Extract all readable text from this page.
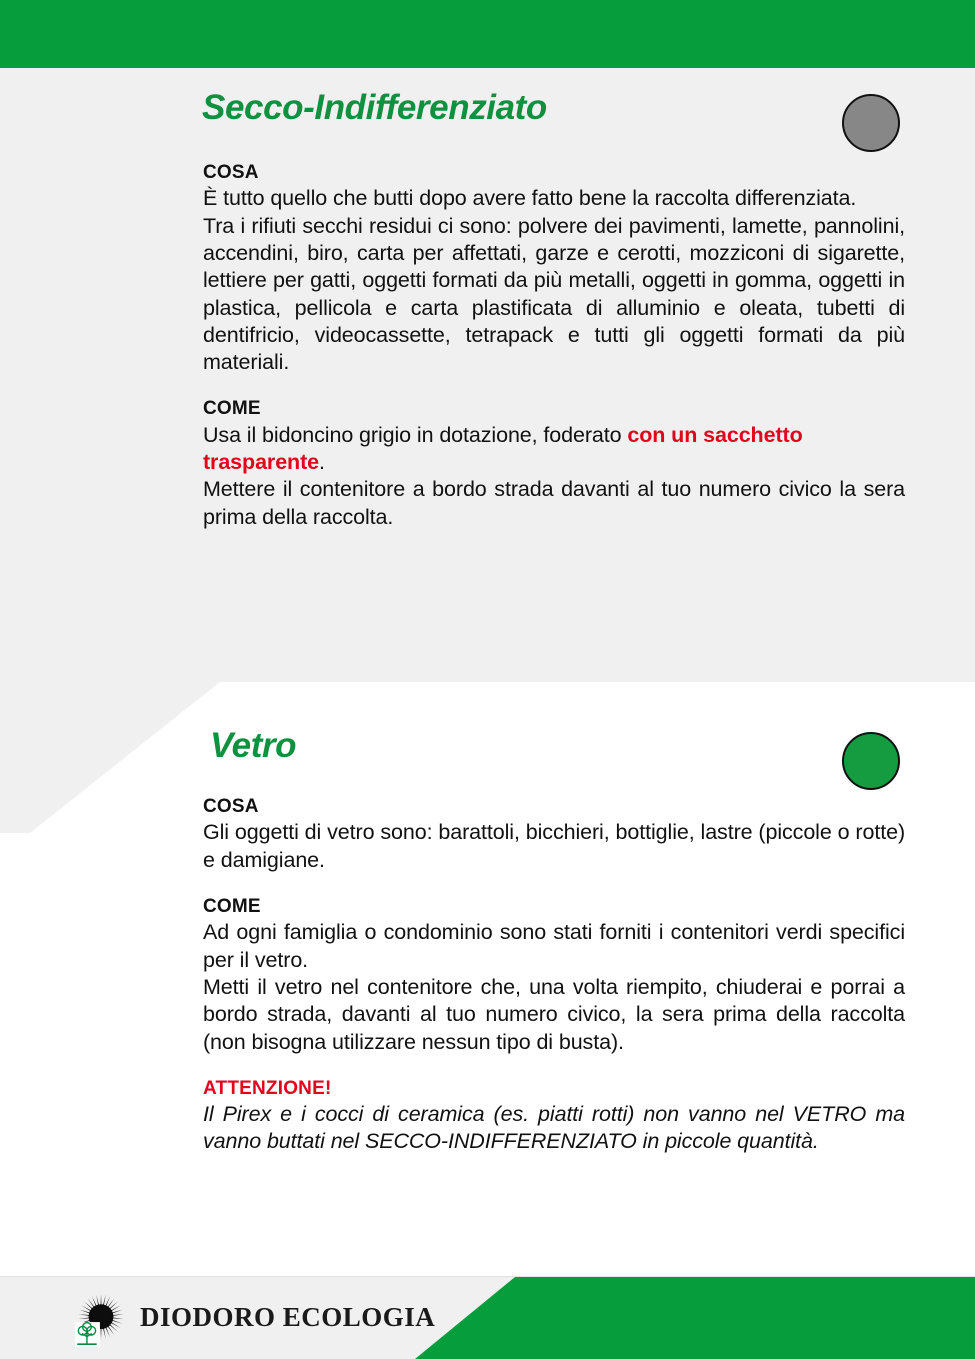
Secco-Indifferenziato
COSA

È tutto quello che butti dopo avere fatto bene la raccolta differenziata.

Tra i rifiuti secchi residui ci sono: polvere dei pavimenti, lamette, pannolini, accendini, biro, carta per affettati, garze e cerotti, mozziconi di sigarette, lettiere per gatti, oggetti formati da più metalli, oggetti in gomma, oggetti in plastica, pellicola e carta plastificata di alluminio e oleata, tubetti di dentifricio, videocassette, tetrapack e tutti gli oggetti formati da più materiali.

COME

Usa il bidoncino grigio in dotazione, foderato con un sacchetto trasparente.

Mettere il contenitore a bordo strada davanti al tuo numero civico la sera prima della raccolta.

Vetro
COSA

Gli oggetti di vetro sono: barattoli, bicchieri, bottiglie, lastre (piccole o rotte) e damigiane.

COME

Ad ogni famiglia o condominio sono stati forniti i contenitori verdi specifici per il vetro.

Metti il vetro nel contenitore che, una volta riempito, chiuderai e porrai a bordo strada, davanti al tuo numero civico, la sera prima della raccolta (non bisogna utilizzare nessun tipo di busta).

ATTENZIONE!

Il Pirex e i cocci di ceramica (es. piatti rotti) non vanno nel VETRO ma vanno buttati nel SECCO-INDIFFERENZIATO in piccole quantità.

DIODORO ECOLOGIA
